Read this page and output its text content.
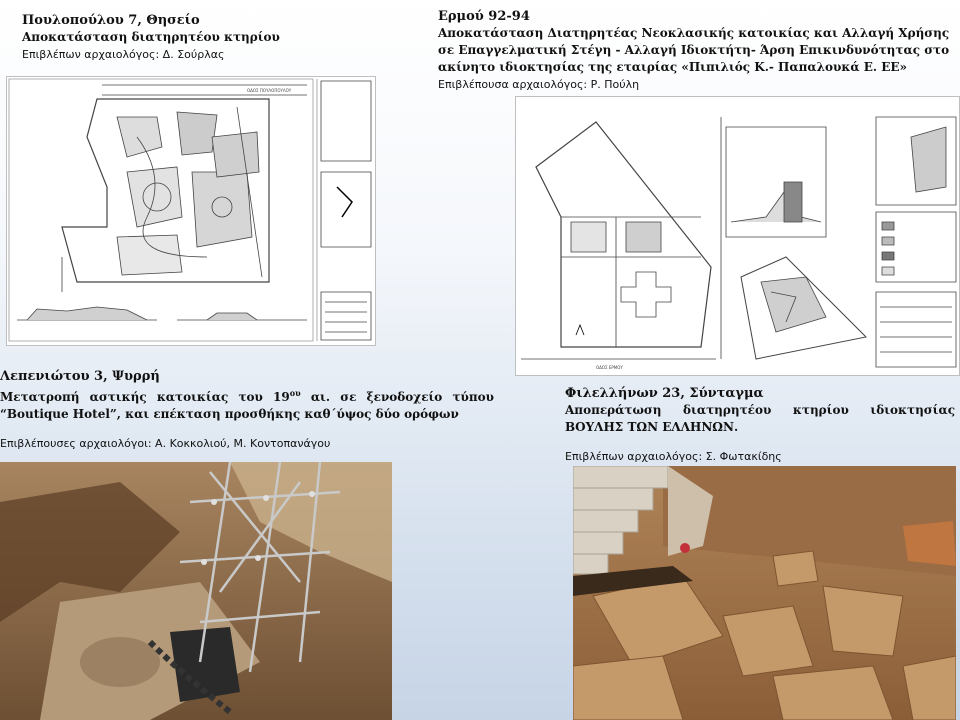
Πουλοπούλου 7, Θησείο
Αποκατάσταση διατηρητέου κτηρίου
Επιβλέπων αρχαιολόγος: Δ. Σούρλας
ΟΔΟΣ ΠΟΥΛΟΠΟΥΛΟΥ
Ερμού 92-94
Αποκατάσταση Διατηρητέας Νεοκλασικής κατοικίας και Αλλαγή Χρήσης σε Επαγγελματική Στέγη - Αλλαγή Ιδιοκτήτη- Άρση Επικινδυνότητας στο ακίνητο ιδιοκτησίας της εταιρίας «Πιπιλιός Κ.- Παπαλουκά Ε. ΕΕ»
Επιβλέπουσα αρχαιολόγος: Ρ. Πούλη
ΟΔΟΣ ΕΡΜΟΥ
Λεπενιώτου 3, Ψυρρή
Μετατροπή αστικής κατοικίας του $19^{o\upsilon}$ αι. σε ξενοδοχείο τύπου
“Boutique Hotel”, και επέκταση προσθήκης καθ΄ύψος δύο ορόφων
Επιβλέπουσες αρχαιολόγοι: Α. Κοκκολιού, Μ. Κοντοπανάγου
Φιλελλήνων 23, Σύνταγμα
Αποπεράτωση διατηρητέου κτηρίου ιδιοκτησίας
ΒΟΥΛΗΣ ΤΩΝ ΕΛΛΗΝΩΝ.
Επιβλέπων αρχαιολόγος: Σ. Φωτακίδης
